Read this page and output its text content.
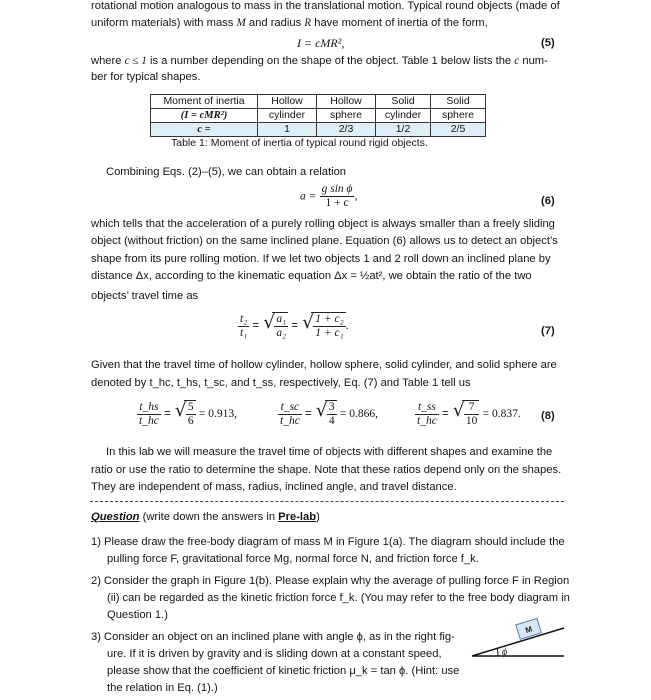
rotational motion analogous to mass in the translational motion. Typical round objects (made of
uniform materials) with mass M and radius R have moment of inertia of the form,
I = cMR²,	(5)
where c ≤ 1 is a number depending on the shape of the object. Table 1 below lists the c num-
ber for typical shapes.
Moment of inertia	Hollow	Hollow	Solid	Solid
(I = cMR²)	cylinder	sphere	cylinder	sphere
c =	1	2/3	1/2	2/5
Table 1: Moment of inertia of typical round rigid objects.
Combining Eqs. (2)–(5), we can obtain a relation
$a = \frac{\text{g sin ϕ}}{1 + c}$ ,	(6)
which tells that the acceleration of a purely rolling object is always smaller than a freely sliding
object (without friction) on the same inclined plane. Equation (6) allows us to detect an object’s
shape from its pure rolling motion. If we let two objects 1 and 2 roll down an inclined plane by
distance Δx, according to the kinematic equation Δx = ½at², we obtain the ratio of the two
objects’ travel time as
$\frac{\text{t₂}}{\text{t₁}}$ = √ $\frac{\text{a₁}}{\text{a₂}}$ = √ $\frac{\text{1 + c₂}}{\text{1 + c₁}}$ .	(7)
Given that the travel time of hollow cylinder, hollow sphere, solid cylinder, and solid sphere are
denoted by t_hc, t_hs, t_sc, and t_ss, respectively, Eq. (7) and Table 1 tell us
$\frac{t\_hs}{t\_hc}$ = √ $\frac{5}{6} = 0.913$,	$\frac{t\_sc}{t\_hc}$ = √ $\frac{3}{4} = 0.866$,	$\frac{t\_ss}{t\_hc}$ = √ $\frac{7}{10} = 0.837$. (8)
In this lab we will measure the travel time of objects with different shapes and examine the
ratio or use the ratio to determine the shape. Note that these ratios depend only on the shapes.
They are independent of mass, radius, inclined angle, and travel distance.
Question (write down the answers in Pre-lab)
1) Please draw the free-body diagram of mass M in Figure 1(a). The diagram should include the
pulling force F, gravitational force Mg, normal force N, and friction force f_k.
2) Consider the graph in Figure 1(b). Please explain why the average of pulling force F in Region
(ii) can be regarded as the kinetic friction force f_k. (You may refer to the free body diagram in
Question 1.)
3) Consider an object on an inclined plane with angle ϕ, as in the right fig-
ure. If it is driven by gravity and is sliding down at a constant speed,
please show that the coefficient of kinetic friction μ_k = tan ϕ. (Hint: use
the relation in Eq. (1).)
M
ϕ
